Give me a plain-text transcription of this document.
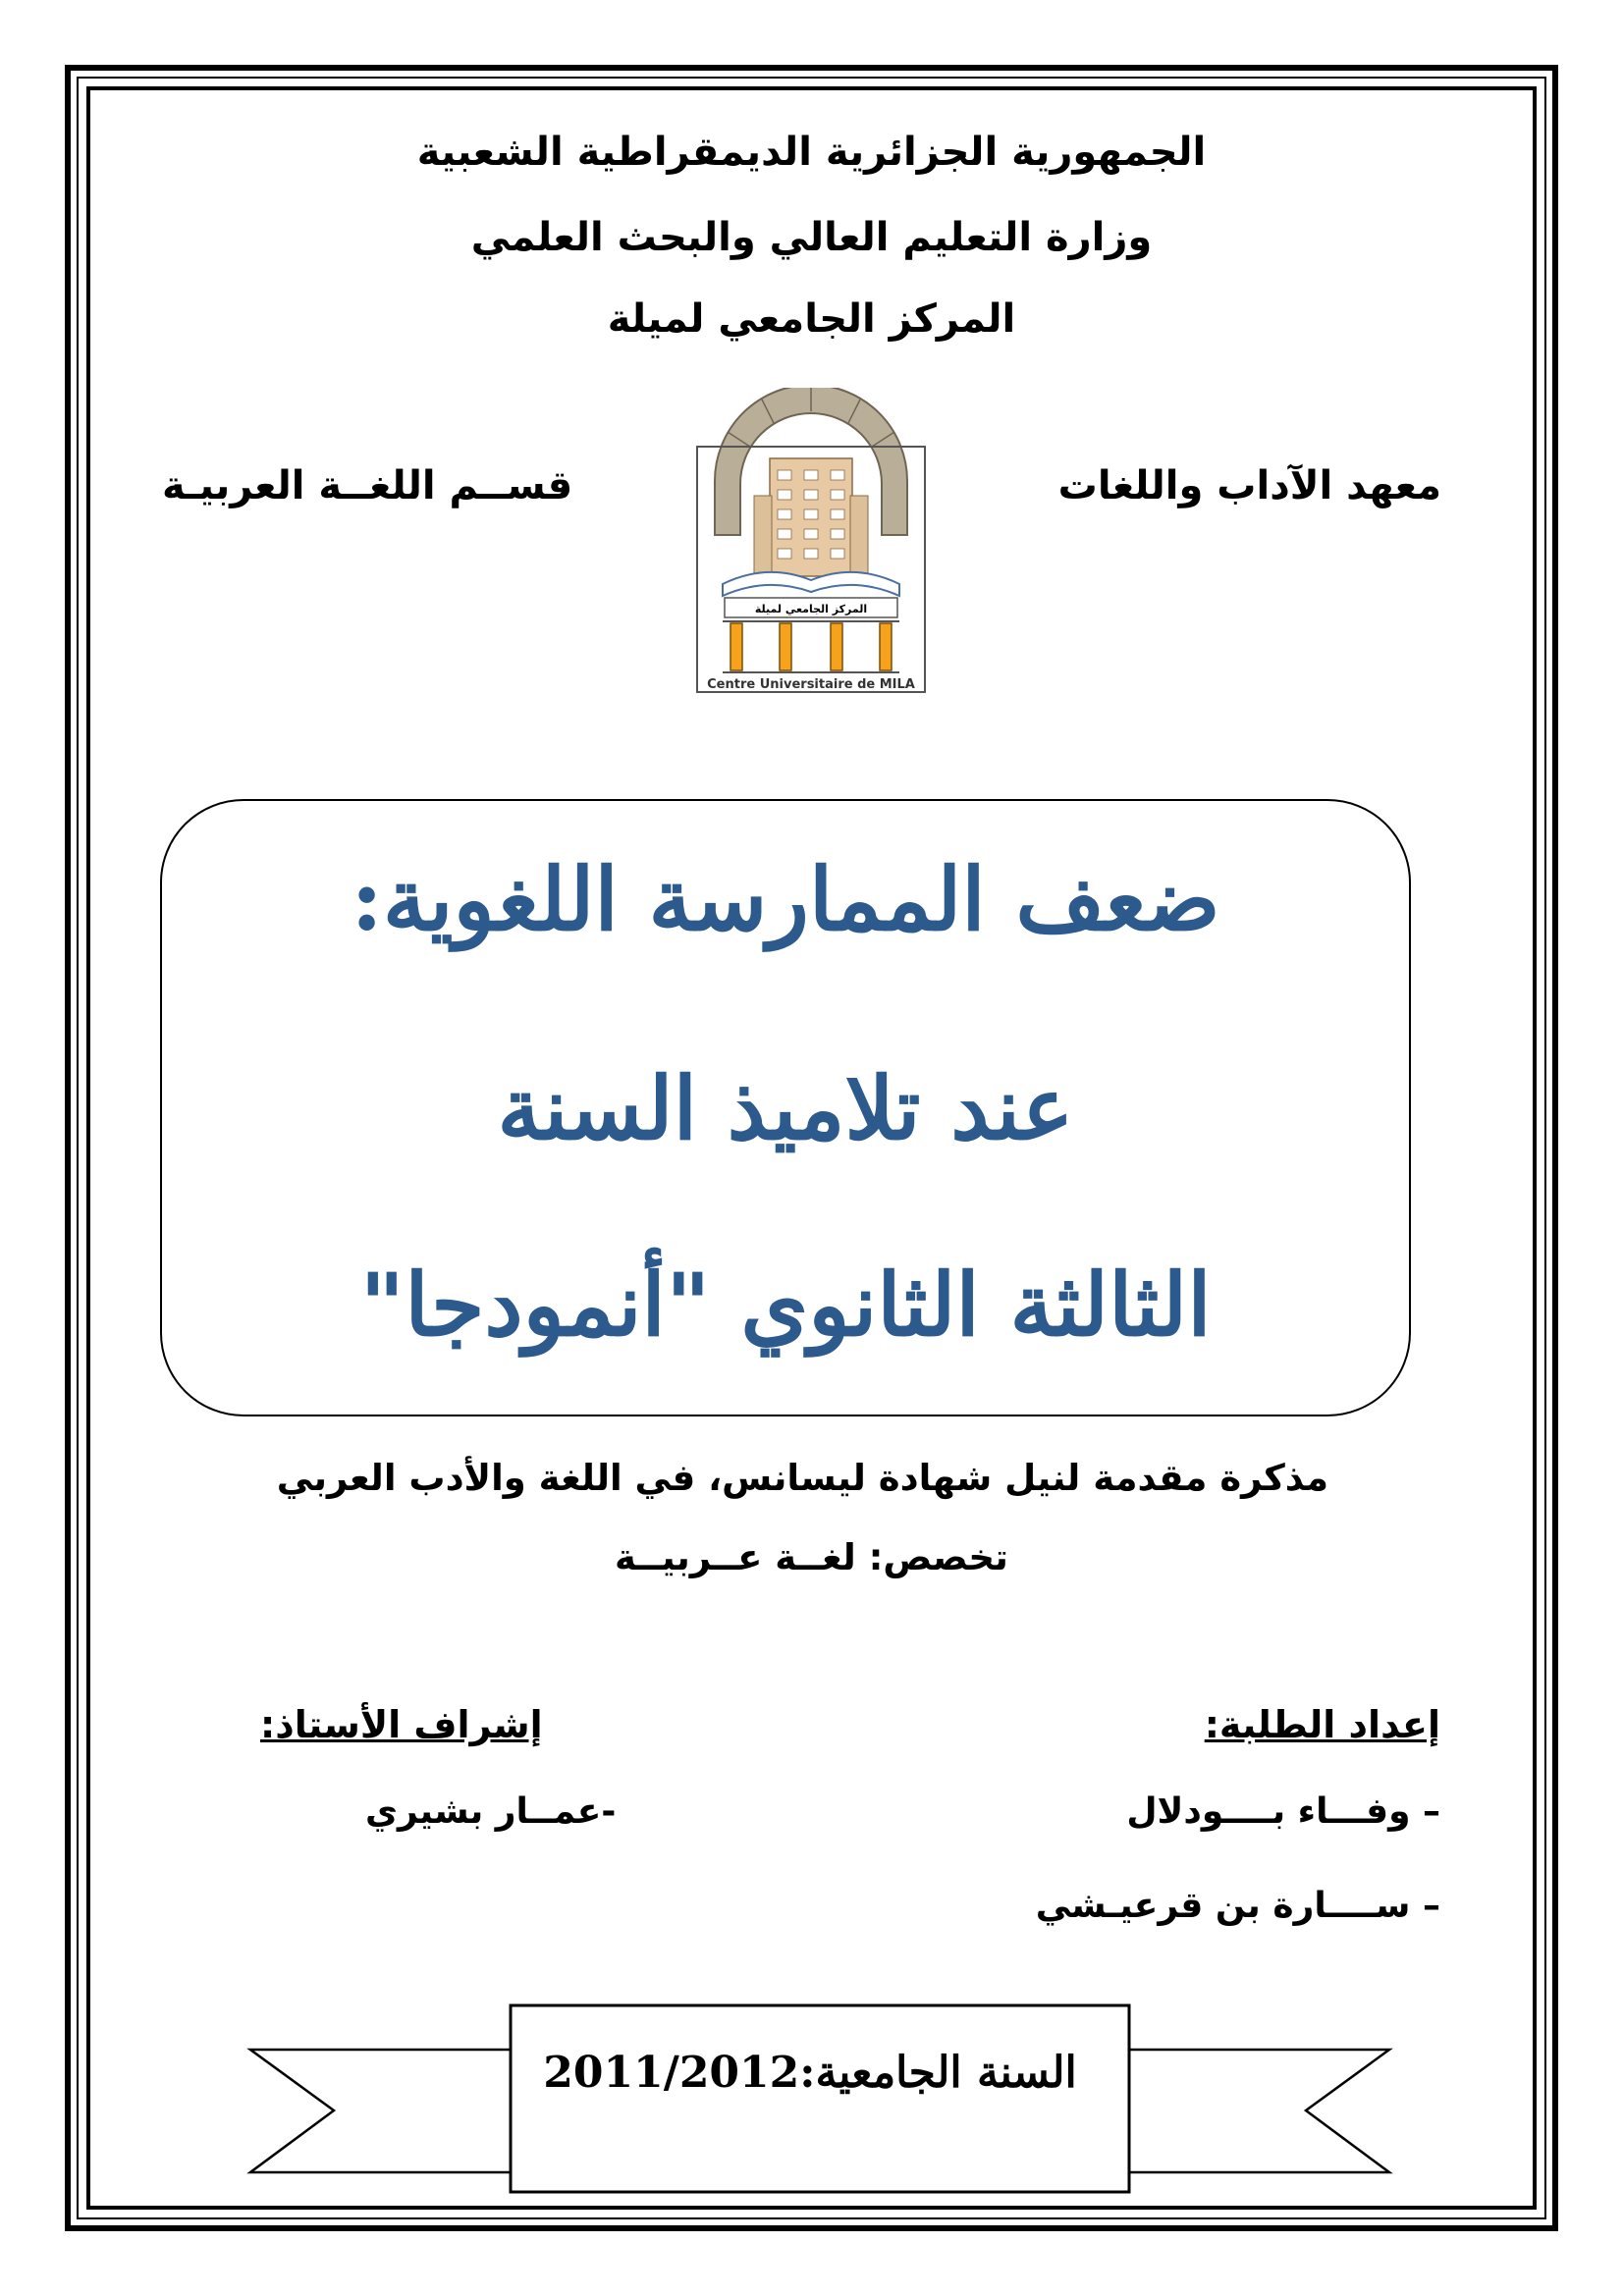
الجمهورية الجزائرية الديمقراطية الشعبية
وزارة التعليم العالي والبحث العلمي
المركز الجامعي لميلة
معهد الآداب واللغات
قســم اللغــة العربيـة
المركز الجامعي لميلة
Centre Universitaire de MILA
ضعف الممارسة اللغوية:
عند تلاميذ السنة
الثالثة الثانوي "أنمودجا"
مذكرة مقدمة لنيل شهادة ليسانس، في اللغة والأدب العربي
تخصص: لغــة عــربيــة
إعداد الطلبة:
إشراف الأستاذ:
– وفـــاء بــــودلال
– ســــارة بن قرعيـشي
-عمــار بشيري
السنة الجامعية:2011/2012
